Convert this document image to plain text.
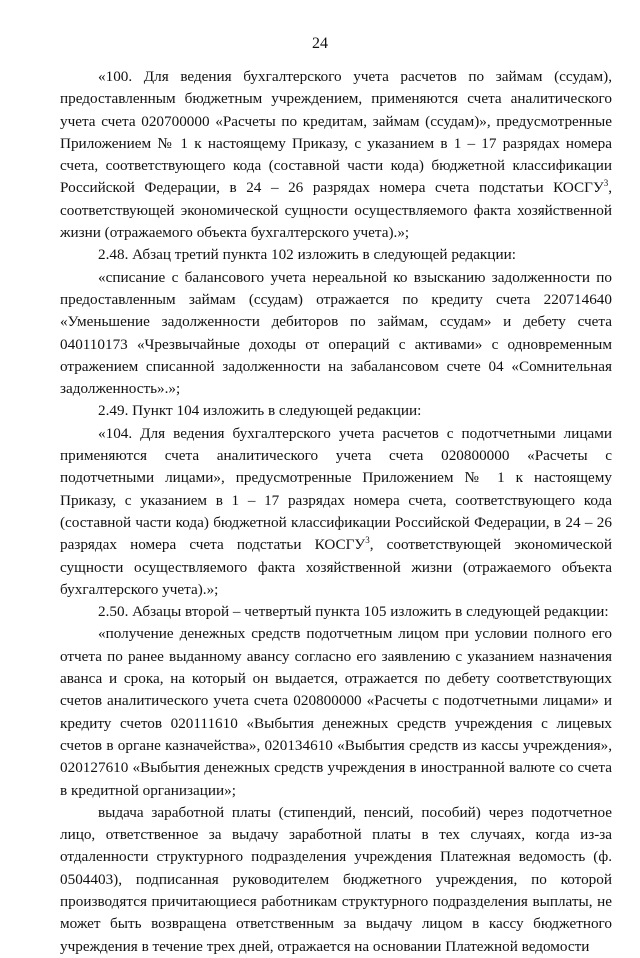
24

«100. Для ведения бухгалтерского учета расчетов по займам (ссудам), предоставленным бюджетным учреждением, применяются счета аналитического учета счета 020700000 «Расчеты по кредитам, займам (ссудам)», предусмотренные Приложением № 1 к настоящему Приказу, с указанием в 1 – 17 разрядах номера счета, соответствующего кода (составной части кода) бюджетной классификации Российской Федерации, в 24 – 26 разрядах номера счета подстатьи КОСГУ$^3$, соответствующей экономической сущности осуществляемого факта хозяйственной жизни (отражаемого объекта бухгалтерского учета).»;

2.48. Абзац третий пункта 102 изложить в следующей редакции:

«списание с балансового учета нереальной ко взысканию задолженности по предоставленным займам (ссудам) отражается по кредиту счета 220714640 «Уменьшение задолженности дебиторов по займам, ссудам» и дебету счета 040110173 «Чрезвычайные доходы от операций с активами» с одновременным отражением списанной задолженности на забалансовом счете 04 «Сомнительная задолженность».»;

2.49. Пункт 104 изложить в следующей редакции:

«104. Для ведения бухгалтерского учета расчетов с подотчетными лицами применяются счета аналитического учета счета 020800000 «Расчеты с подотчетными лицами», предусмотренные Приложением № 1 к настоящему Приказу, с указанием в 1 – 17 разрядах номера счета, соответствующего кода (составной части кода) бюджетной классификации Российской Федерации, в 24 – 26 разрядах номера счета подстатьи КОСГУ$^3$, соответствующей экономической сущности осуществляемого факта хозяйственной жизни (отражаемого объекта бухгалтерского учета).»;

2.50. Абзацы второй – четвертый пункта 105 изложить в следующей редакции:

«получение денежных средств подотчетным лицом при условии полного его отчета по ранее выданному авансу согласно его заявлению с указанием назначения аванса и срока, на который он выдается, отражается по дебету соответствующих счетов аналитического учета счета 020800000 «Расчеты с подотчетными лицами» и кредиту счетов 020111610 «Выбытия денежных средств учреждения с лицевых счетов в органе казначейства», 020134610 «Выбытия средств из кассы учреждения», 020127610 «Выбытия денежных средств учреждения в иностранной валюте со счета в кредитной организации»;

выдача заработной платы (стипендий, пенсий, пособий) через подотчетное лицо, ответственное за выдачу заработной платы в тех случаях, когда из-за отдаленности структурного подразделения учреждения Платежная ведомость (ф. 0504403), подписанная руководителем бюджетного учреждения, по которой производятся причитающиеся работникам структурного подразделения выплаты, не может быть возвращена ответственным за выдачу лицом в кассу бюджетного учреждения в течение трех дней, отражается на основании Платежной ведомости
